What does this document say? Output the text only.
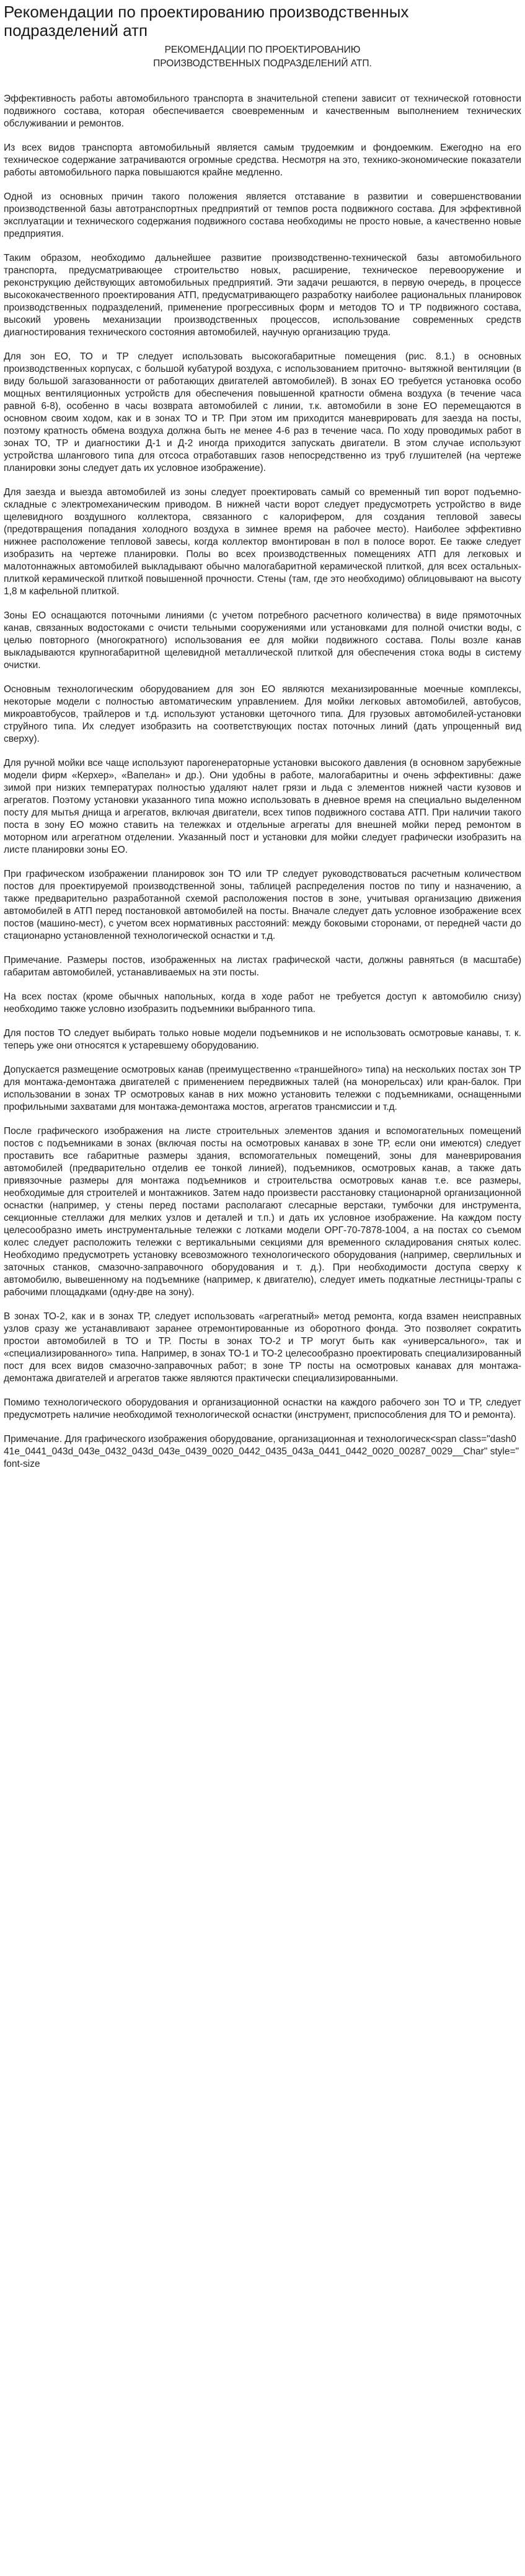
Рекомендации по проектированию производственных подразделений атп
РЕКОМЕНДАЦИИ ПО ПРОЕКТИРОВАНИЮ ПРОИЗВОДСТВЕННЫХ ПОДРАЗДЕЛЕНИЙ АТП.

Эффективность работы автомобильного транспорта в значительной степени зависит от технической готовности подвижного состава, которая обеспечивается своевременным и качественным выполнением технических обслуживании и ремонтов.

Из всех видов транспорта автомобильный является самым трудоемким и фондоемким. Ежегодно на его техническое содержание затрачиваются огромные средства. Несмотря на это, технико-экономические показатели работы автомобильного парка повышаются крайне медленно.

Одной из основных причин такого положения является отставание в развитии и совершенствовании производственной базы автотранспортных предприятий от темпов роста подвижного состава. Для эффективной эксплуатации и технического содержания подвижного состава необходимы не просто новые, а качественно новые предприятия.

Таким образом, необходимо дальнейшее развитие производственно-технической базы автомобильного транспорта, предусматривающее строительство новых, расширение, техническое перевооружение и реконструкцию действующих автомобильных предприятий. Эти задачи решаются, в первую очередь, в процессе высококачественного проектирования АТП, предусматривающего разработку наиболее рациональных планировок производственных подразделений, применение прогрессивных форм и методов ТО и ТР подвижного состава, высокий уровень механизации производственных процессов, использование современных средств диагностирования технического состояния автомобилей, научную организацию труда.

Для зон ЕО, ТО и ТР следует использовать высокогабаритные помещения (рис. 8.1.) в основных производственных корпусах, с большой кубатурой воздуха, с использованием приточно- вытяжной вентиляции (в виду большой загазованности от работающих двигателей автомобилей). В зонах ЕО требуется установка особо мощных вентиляционных устройств для обеспечения повышенной кратности обмена воздуха (в течение часа равной 6-8), особенно в часы возврата автомобилей с линии, т.к. автомобили в зоне ЕО перемещаются в основном своим ходом, как и в зонах ТО и ТР. При этом им приходится маневрировать для заезда на посты, поэтому кратность обмена воздуха должна быть не менее 4-6 раз в течение часа. По ходу проводимых работ в зонах ТО, ТР и диагностики Д-1 и Д-2 иногда приходится запускать двигатели. В этом случае используют устройства шлангового типа для отсоса отработавших газов непосредственно из труб глушителей (на чертеже планировки зоны следует дать их условное изображение).

Для заезда и выезда автомобилей из зоны следует проектировать самый со временный тип ворот подъемно-складные с электромеханическим приводом. В нижней части ворот следует предусмотреть устройство в виде щелевидного воздушного коллектора, связанного с калорифером, для создания тепловой завесы (предотвращения попадания холодного воздуха в зимнее время на рабочее место). Наиболее эффективно нижнее расположение тепловой завесы, когда коллектор вмонтирован в пол в полосе ворот. Ее также следует изобразить на чертеже планировки. Полы во всех производственных помещениях АТП для легковых и малотоннажных автомобилей выкладывают обычно малогабаритной керамической плиткой, для всех остальных-плиткой керамической плиткой повышенной прочности. Стены (там, где это необходимо) облицовывают на высоту 1,8 м кафельной плиткой.

Зоны ЕО оснащаются поточными линиями (с учетом потребного расчетного количества) в виде прямоточных канав, связанных водостоками с очисти тельными сооружениями или установками для полной очистки воды, с целью повторного (многократного) использования ее для мойки подвижного состава. Полы возле канав выкладываются крупногабаритной щелевидной металлической плиткой для обеспечения стока воды в систему очистки.

Основным технологическим оборудованием для зон ЕО являются механизированные моечные комплексы, некоторые модели с полностью автоматическим управлением. Для мойки легковых автомобилей, автобусов, микроавтобусов, трайлеров и т.д. используют установки щеточного типа. Для грузовых автомобилей-установки струйного типа. Их следует изобразить на соответствующих постах поточных линий (дать упрощенный вид сверху).

Для ручной мойки все чаще используют парогенераторные установки высокого давления (в основном зарубежные модели фирм «Керхер», «Вапелан» и др.). Они удобны в работе, малогабаритны и очень эффективны: даже зимой при низких температурах полностью удаляют налет грязи и льда с элементов нижней части кузовов и агрегатов. Поэтому установки указанного типа можно использовать в дневное время на специально выделенном посту для мытья днища и агрегатов, включая двигатели, всех типов подвижного состава АТП. При наличии такого поста в зону ЕО можно ставить на тележках и отдельные агрегаты для внешней мойки перед ремонтом в моторном или агрегатном отделении. Указанный пост и установки для мойки следует графически изобразить на листе планировки зоны ЕО.

При графическом изображении планировок зон ТО или ТР следует руководствоваться расчетным количеством постов для проектируемой производственной зоны, таблицей распределения постов по типу и назначению, а также предварительно разработанной схемой расположения постов в зоне, учитывая организацию движения автомобилей в АТП перед постановкой автомобилей на посты. Вначале следует дать условное изображение всех постов (машино-мест), с учетом всех нормативных расстояний: между боковыми сторонами, от передней части до стационарно установленной технологической оснастки и т.д.

Примечание. Размеры постов, изображенных на листах графической части, должны равняться (в масштабе) габаритам автомобилей, устанавливаемых на эти посты.

На всех постах (кроме обычных напольных, когда в ходе работ не требуется доступ к автомобилю снизу) необходимо также условно изобразить подъемники выбранного типа.

Для постов ТО следует выбирать только новые модели подъемников и не использовать осмотровые канавы, т. к. теперь уже они относятся к устаревшему оборудованию.

Допускается размещение осмотровых канав (преимущественно «траншейного» типа) на нескольких постах зон ТР для монтажа-демонтажа двигателей с применением передвижных талей (на монорельсах) или кран-балок. При использовании в зонах ТР осмотровых канав в них можно установить тележки с подъемниками, оснащенными профильными захватами для монтажа-демонтажа мостов, агрегатов трансмиссии и т.д.

После графического изображения на листе строительных элементов здания и вспомогательных помещений постов с подъемниками в зонах (включая посты на осмотровых канавах в зоне ТР, если они имеются) следует проставить все габаритные размеры здания, вспомогательных помещений, зоны для маневрирования автомобилей (предварительно отделив ее тонкой линией), подъемников, осмотровых канав, а также дать привязочные размеры для монтажа подъемников и строительства осмотровых канав т.е. все размеры, необходимые для строителей и монтажников. Затем надо произвести расстановку стационарной организационной оснастки (например, у стены перед постами располагают слесарные верстаки, тумбочки для инструмента, секционные стеллажи для мелких узлов и деталей и т.п.) и дать их условное изображение. На каждом посту целесообразно иметь инструментальные тележки с лотками модели ОРГ-70-7878-1004, а на постах со съемом колес следует расположить тележки с вертикальными секциями для временного складирования снятых колес. Необходимо предусмотреть установку всевозможного технологического оборудования (например, сверлильных и заточных станков, смазочно-заправочного оборудования и т. д.). При необходимости доступа сверху к автомобилю, вывешенному на подъемнике (например, к двигателю), следует иметь подкатные лестницы-трапы с рабочими площадками (одну-две на зону).

В зонах ТО-2, как и в зонах ТР, следует использовать «агрегатный» метод ремонта, когда взамен неисправных узлов сразу же устанавливают заранее отремонтированные из оборотного фонда. Это позволяет сократить простои автомобилей в ТО и ТР. Посты в зонах ТО-2 и ТР могут быть как «универсального», так и «специализированного» типа. Например, в зонах ТО-1 и ТО-2 целесообразно проектировать специализированный пост для всех видов смазочно-заправочных работ; в зоне ТР посты на осмотровых канавах для монтажа-демонтажа двигателей и агрегатов также являются практически специализированными.

Помимо технологического оборудования и организационной оснастки на каждого рабочего зон ТО и ТР, следует предусмотреть наличие необходимой технологической оснастки (инструмент, приспособления для ТО и ремонта).

Примечание. Для графического изображения оборудование, организационная и технологическ<span class="dash041e_0441_043d_043e_0432_043d_043e_0439_0020_0442_0435_043a_0441_0442_0020_00287_0029__Char" style=" font-size
